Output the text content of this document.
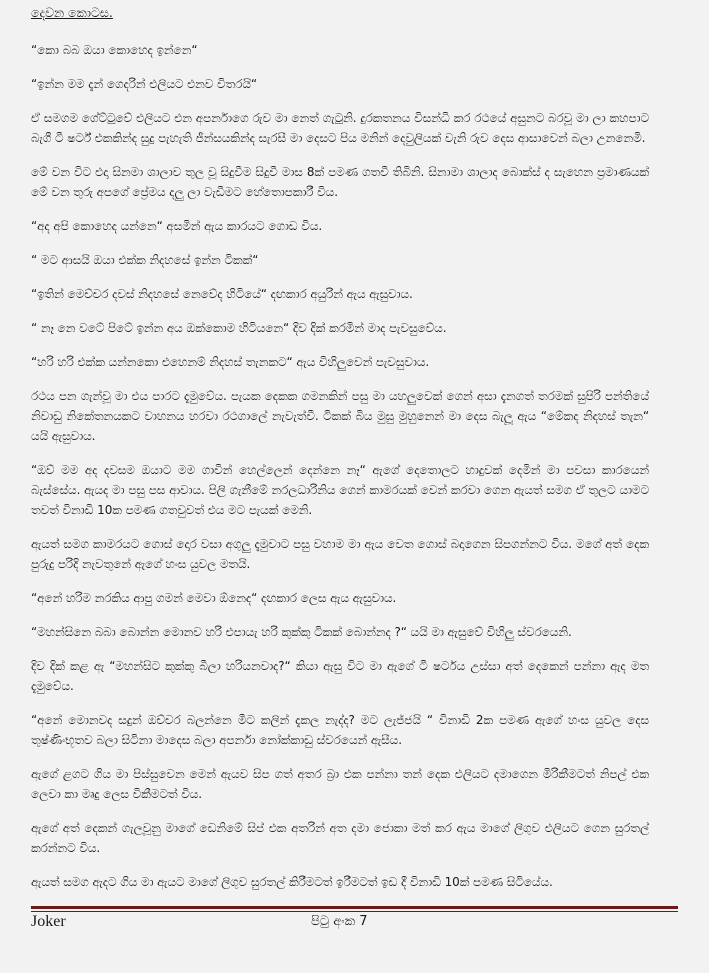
දෙවන කොටස.

“කො බබ ඔයා කොහෙද ඉන්නෙ“

“ඉන්න මම දැන් ගෙදරින් එලියට එනව විතරයි“

ඒ සමගම ගේට්ටුවේ එලියට එන අපර්නාගෙ රුව මා නෙත් ගැටුනි. දුරකතනය විසන්ධි කර රථයේ අසුනට බරවූ මා ලා කහපාට බැගී ටී ෂර්ට් එකකින්ද සුදු පැහැති ජීන්සයකින්ද සැරසී මා දෙසට පිය මනින් දෙවුලියක් වැනි රුව දෙස ආසාවෙන් බලා උනනෙමි.

මේ වන විට එදා සිනමා ශාලාව තුල වූ සිදුවීම සිදුවී මාස 8ක් පමණ ගතවී තිබිනි. සිනාමා ශාලාද බොක්ස් ද සැහෙන ප්‍රමාණයක් මේ වන තුරු අපගේ ප්‍රේමය දලු ලා වැඩීමට හේතොපකාරී විය.

“අද අපි කොහෙද යන්නෙ“ අසමින් ඇය කාරයට ගොඩ විය.

“ මට ආසයි ඔයා එක්ක නිදහසේ ඉන්න ටිකක්“

“ඉතින් මෙච්චර දවස් නිදහසේ නෙවේද හිටියේ“ දඟකාර අයුරින් ඇය ඇසුවාය.

“ නෑ නෙ වටේ පිටේ ඉන්න අය ඔක්කොම හිටියනෙ“ දිව දික් කරමින් මාද පැවසුවේය.

“හරි හරි එක්ක යන්නකො එහෙනම් නිදහස් තැනකට“ ඇය විහිලුවෙන් පැවසුවාය.

රථය පන ගැන්වූ මා එය පාරට දැමුවේය. පැයක දෙකක ගමනකින් පසු මා යහලුවෙක් ගෙන් අසා දැනගත් තරමක් සුපිරි පන්තියේ නිවාඩු නිකේතනයකට වාහනය හරවා රථගාලේ නැවැත්වී. ටිකක් බිය මුසු මුහුනෙන් මා දෙස බැලූ ඇය “මේකද නිදහස් තැන“ යයි ඇසුවාය.

“ඔව් මම අද දවසම ඔයාට මම ගාවින් හෙල්ලෙන් දෙන්නෙ නෑ“ ඇගේ දෙතොලට හාදුවක් දෙමින් මා පවසා කාරයෙන් බැස්සේය. ඇයද මා පසු පස ආවාය. පිලි ගැනීමේ නරලධාරිනිය ගෙන් කාමරයක් වෙන් කරවා ගෙන ඇයත් සමග ඒ තුලට යාමට තවත් විනාඩි 10ක පමණ ගතවුවත් එය මට පැයක් මෙනි.

ඇයත් සමග කාමරයට ගොස් දොර වසා අගුලු දැමුවාට පසු වහාම මා ඇය වෙත ගොස් බදාගෙන සිපගන්නට විය. මගේ අත් දෙක පුරුදු පරිදි නැවතුනේ ඇගේ හංස යුවල මතයි.

“අනේ හරිම නරකිය ආපු ගමන් මෙවා ඕනෙද“ දඟකාර ලෙස ඇය ඇසුවාය.

“මහන්සිනෙ බබා බොන්න මොනව හරි එපායැ හරි කුක්කු ටිකක් බොන්නද ?“ යයි මා ඇසුවේ විහිලු ස්වරයෙනි.

දිව දික් කළ ඇ “මහන්සිට කුක්කු බීලා හරියනවාද?“ කියා ඇසු විට මා ඇගේ ටී ෂර්ටය උස්සා අත් දෙකෙන් පන්නා ඇද මත දැමුවේය.

“අනේ මොනවද සදුන් ඔච්චර බලන්නෙ මීට කලින් දැකල නැද්ද? මට ලැජ්ජයි “ විනාඩි 2ක පමණ ඇගේ හංස යුවල දෙස තුෂ්ණිංභූතව බලා සිටිනා මාදෙස බලා අපර්නා නෝක්කාඩු ස්වරයෙන් ඇසීය.

ඇගේ ළගට ගිය මා පිස්සුවෙන මෙන් ඇයව සිප ගත් අතර බ්‍රා එක පන්නා තන් දෙක එලියට දමාගෙන මිරිකීමටත් නිපල් එක ලෙවා කා මෘදු ලෙස විකීමටත් විය.

ඇගේ අත් දෙකන් ගැලවූනු මාගේ ඩෙනිමේ සිප් එක අතරින් අත දමා ජොකා මත් කර ඇය මාගේ ලිගුව එලියට ගෙන සුරතල් කරන්නට විය.

ඇයත් සමග ඇදට ගිය මා ඇයට මාගේ ලිගුව සුරතල් කිරීමටත් ඉරීමටත් ඉඩ දී විනාඩි 10ක් පමණ සිටියේය.

Joker	පිටු අංක 7
